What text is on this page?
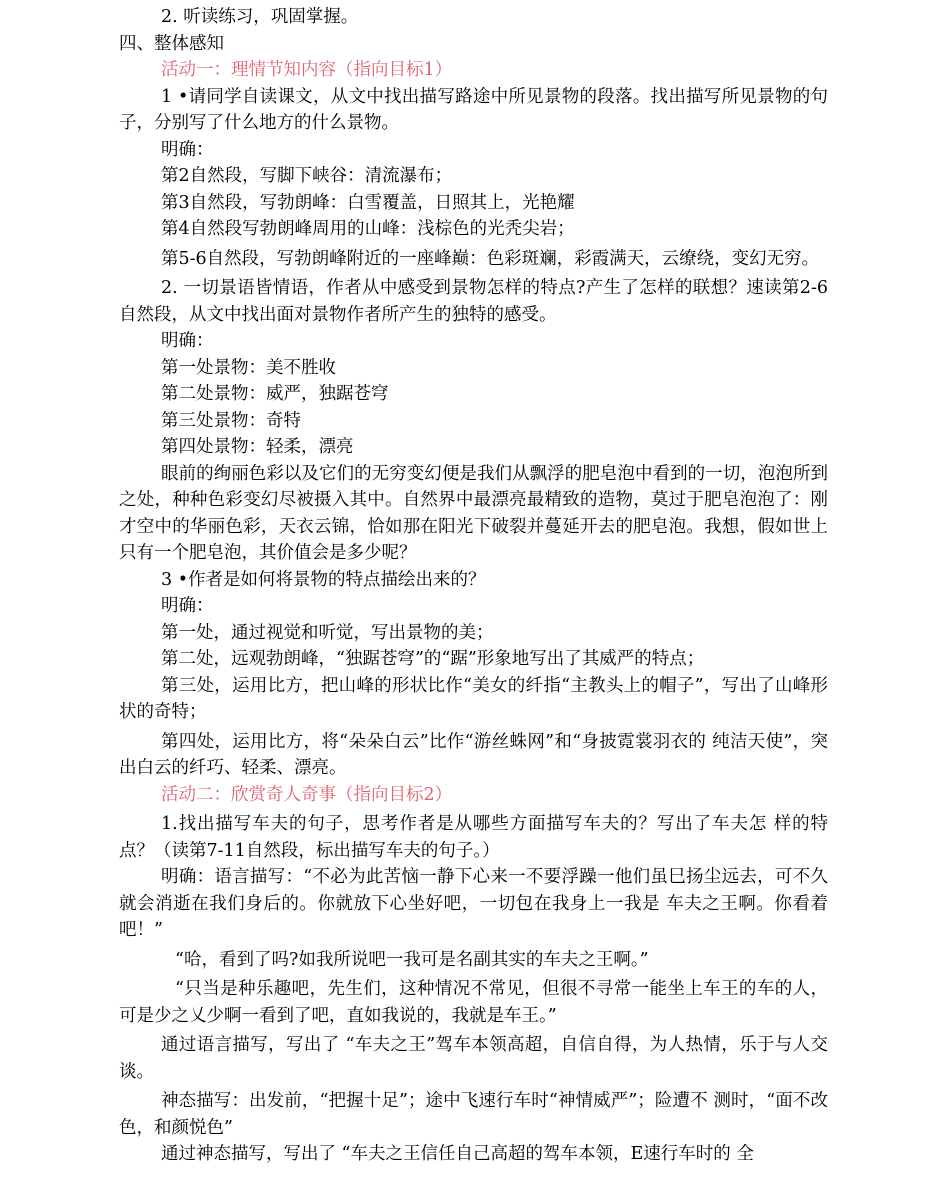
2. 听读练习，巩固掌握。

四、整体感知

活动一：理情节知内容（指向目标1）

1 •请同学自读课文，从文中找出描写路途中所见景物的段落。找出描写所见景物的句子，分别写了什么地方的什么景物。

明确：

第2自然段，写脚下峡谷：清流瀑布；

第3自然段，写勃朗峰：白雪覆盖，日照其上，光艳耀

第4自然段写勃朗峰周用的山峰：浅棕色的光秃尖岩；

第5-6自然段，写勃朗峰附近的一座峰巅：色彩斑斓，彩霞满天，云缭绕，变幻无穷。

2. 一切景语皆情语，作者从中感受到景物怎样的特点?产生了怎样的联想？速读第2-6自然段，从文中找出面对景物作者所产生的独特的感受。

明确：

第一处景物：美不胜收

第二处景物：威严，独踞苍穹

第三处景物：奇特

第四处景物：轻柔，漂亮

眼前的绚丽色彩以及它们的无穷变幻便是我们从飘浮的肥皂泡中看到的一切，泡泡所到之处，种种色彩变幻尽被摄入其中。自然界中最漂亮最精致的造物，莫过于肥皂泡泡了：刚才空中的华丽色彩，天衣云锦，恰如那在阳光下破裂并蔓延开去的肥皂泡。我想，假如世上只有一个肥皂泡，其价值会是多少呢？

3 •作者是如何将景物的特点描绘出来的？

明确：

第一处，通过视觉和听觉，写出景物的美；

第二处，远观勃朗峰，“独踞苍穹”的“踞”形象地写出了其威严的特点；

第三处，运用比方，把山峰的形状比作“美女的纤指“主教头上的帽子”，写出了山峰形状的奇特；

第四处，运用比方，将“朵朵白云”比作“游丝蛛网”和“身披霓裳羽衣的 纯洁天使”，突出白云的纤巧、轻柔、漂亮。

活动二：欣赏奇人奇事（指向目标2）

1.找出描写车夫的句子，思考作者是从哪些方面描写车夫的？写出了车夫怎 样的特点？（读第7-11自然段，标出描写车夫的句子。）

明确：语言描写：“不必为此苦恼一静下心来一不要浮躁一他们虽巳扬尘远去，可不久就会消逝在我们身后的。你就放下心坐好吧，一切包在我身上一我是 车夫之王啊。你看着吧！”

“哈，看到了吗?如我所说吧一我可是名副其实的车夫之王啊。”

“只当是种乐趣吧，先生们，这种情况不常见，但很不寻常一能坐上车王的车的人，可是少之乂少啊一看到了吧，直如我说的，我就是车王。”

通过语言描写，写出了 “车夫之王”驾车本领高超，自信自得，为人热情，乐于与人交谈。

神态描写：出发前，“把握十足”；途中飞速行车时“神情威严”；险遭不 测时，“面不改色，和颜悦色”

通过神态描写，写出了 “车夫之王信任自己高超的驾车本领，E速行车时的 全
